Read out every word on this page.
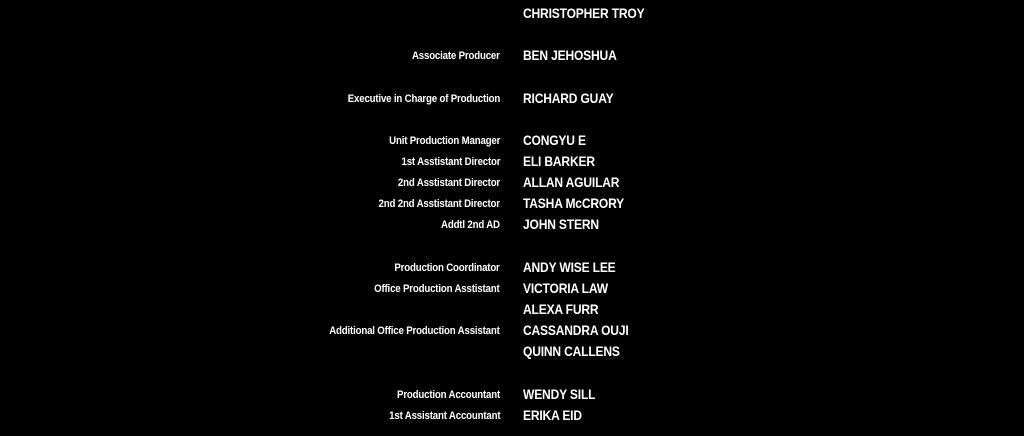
CHRISTOPHER TROY
Associate Producer BEN JEHOSHUA
Executive in Charge of Production RICHARD GUAY
Unit Production Manager CONGYU E
1st Asstistant Director ELI BARKER
2nd Asstistant Director ALLAN AGUILAR
2nd 2nd Asstistant Director TASHA McCRORY
Addtl 2nd AD JOHN STERN
Production Coordinator ANDY WISE LEE
Office Production Asstistant VICTORIA LAW
ALEXA FURR
Additional Office Production Assistant CASSANDRA OUJI
QUINN CALLENS
Production Accountant WENDY SILL
1st Assistant Accountant ERIKA EID
